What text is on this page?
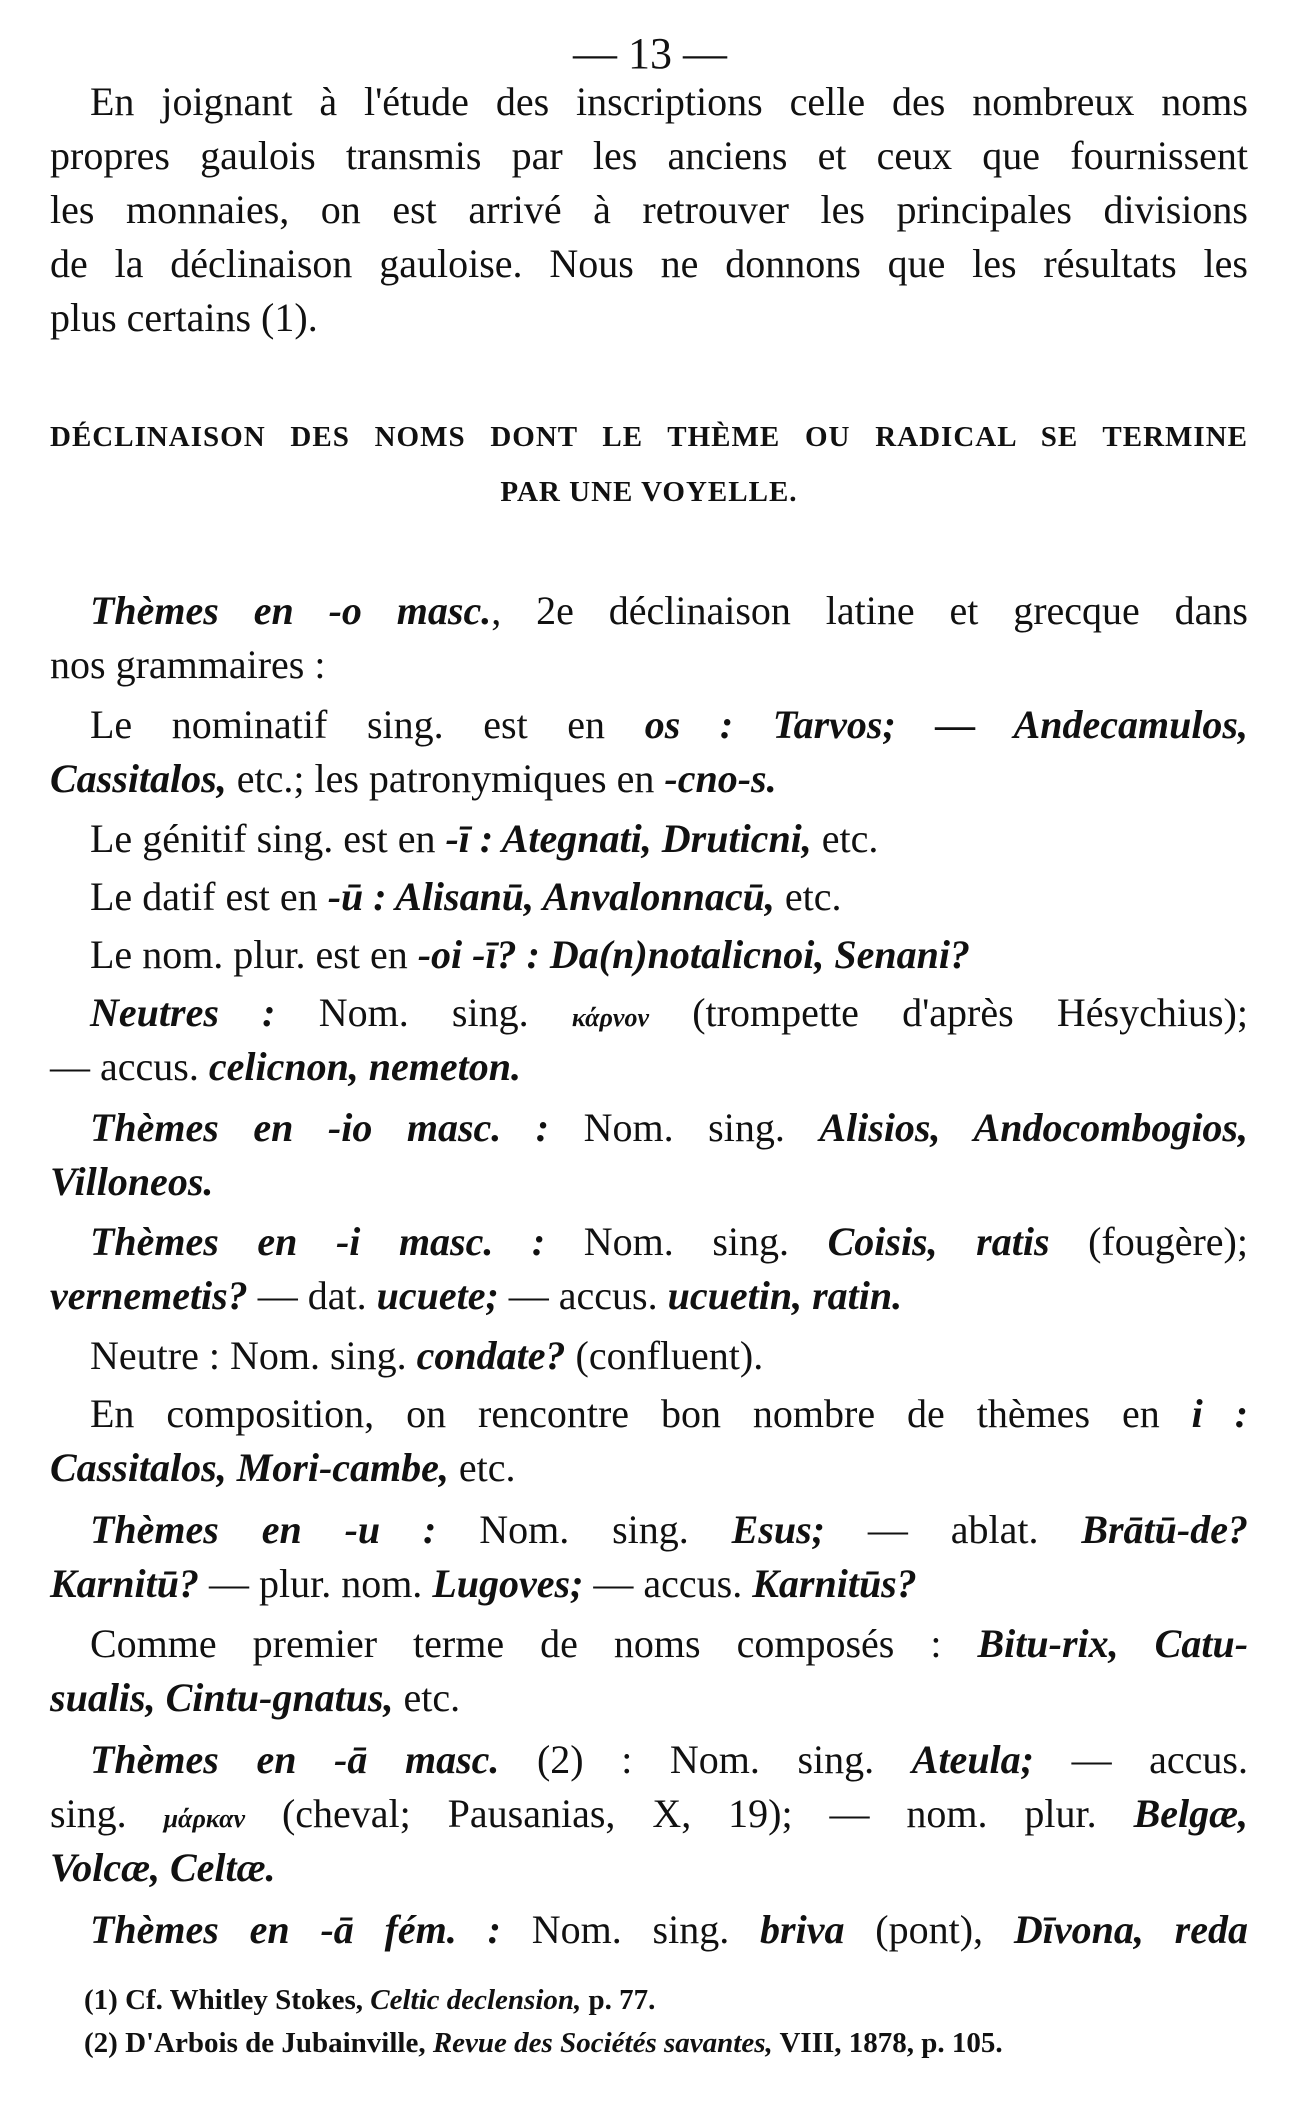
— 13 —
En joignant à l'étude des inscriptions celle des nombreux noms
propres gaulois transmis par les anciens et ceux que fournissent
les monnaies, on est arrivé à retrouver les principales divisions
de la déclinaison gauloise. Nous ne donnons que les résultats les
plus certains (1).
DÉCLINAISON DES NOMS DONT LE THÈME OU RADICAL SE TERMINE
PAR UNE VOYELLE.
Thèmes en -o masc., 2e déclinaison latine et grecque dans
nos grammaires :
Le nominatif sing. est en os : Tarvos; — Andecamulos,
Cassitalos, etc.; les patronymiques en -cno-s.
Le génitif sing. est en -ī : Ategnati, Druticni, etc.
Le datif est en -ū : Alisanū, Anvalonnacū, etc.
Le nom. plur. est en -oi -ī? : Da(n)notalicnoi, Senani?
Neutres : Nom. sing. κάρνον (trompette d'après Hésychius);
— accus. celicnon, nemeton.
Thèmes en -io masc. : Nom. sing. Alisios, Andocombogios,
Villoneos.
Thèmes en -i masc. : Nom. sing. Coisis, ratis (fougère);
vernemetis? — dat. ucuete; — accus. ucuetin, ratin.
Neutre : Nom. sing. condate? (confluent).
En composition, on rencontre bon nombre de thèmes en i :
Cassitalos, Mori-cambe, etc.
Thèmes en -u : Nom. sing. Esus; — ablat. Brātū-de?
Karnitū? — plur. nom. Lugoves; — accus. Karnitūs?
Comme premier terme de noms composés : Bitu-rix, Catu-
sualis, Cintu-gnatus, etc.
Thèmes en -ā masc. (2) : Nom. sing. Ateula; — accus.
sing. μάρκαν (cheval; Pausanias, X, 19); — nom. plur. Belgæ,
Volcæ, Celtæ.
Thèmes en -ā fém. : Nom. sing. briva (pont), Dīvona, reda
(1) Cf. Whitley Stokes, Celtic declension, p. 77.
(2) D'Arbois de Jubainville, Revue des Sociétés savantes, VIII, 1878, p. 105.
